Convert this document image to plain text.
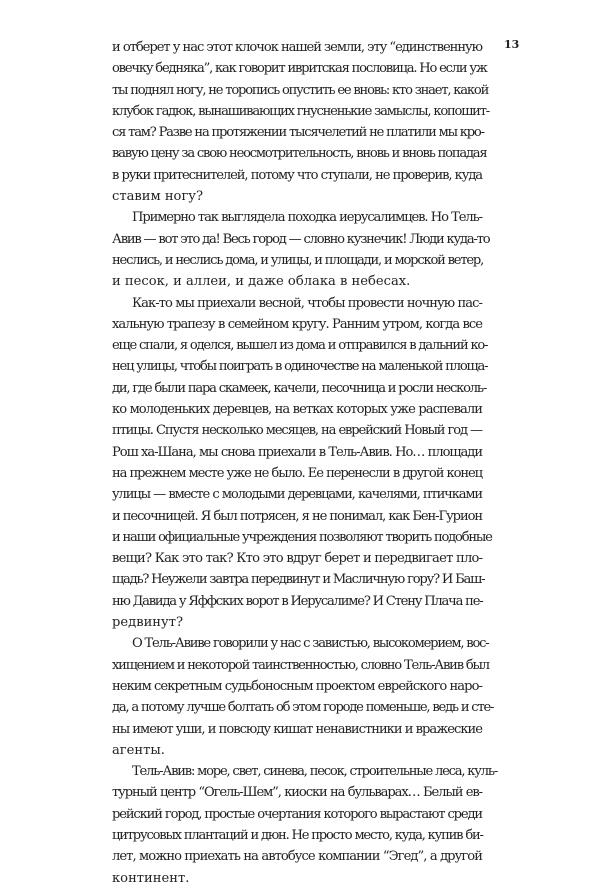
13
и отберет у нас этот клочок нашей земли, эту “единственную
овечку бедняка”, как говорит ивритская пословица. Но если уж
ты поднял ногу, не торопись опустить ее вновь: кто знает, какой
клубок гадюк, вынашивающих гнусненькие замыслы, копошит-
ся там? Разве на протяжении тысячелетий не платили мы кро-
вавую цену за свою неосмотрительность, вновь и вновь попадая
в руки притеснителей, потому что ступали, не проверив, куда
ставим ногу?
Примерно так выглядела походка иерусалимцев. Но Тель-
Авив — вот это да! Весь город — словно кузнечик! Люди куда-то
неслись, и неслись дома, и улицы, и площади, и морской ветер,
и песок, и аллеи, и даже облака в небесах.
Как-то мы приехали весной, чтобы провести ночную пас-
хальную трапезу в семейном кругу. Ранним утром, когда все
еще спали, я оделся, вышел из дома и отправился в дальний ко-
нец улицы, чтобы поиграть в одиночестве на маленькой площа-
ди, где были пара скамеек, качели, песочница и росли несколь-
ко молоденьких деревцев, на ветках которых уже распевали
птицы. Спустя несколько месяцев, на еврейский Новый год —
Рош ха-Шана, мы снова приехали в Тель-Авив. Но… площади
на прежнем месте уже не было. Ее перенесли в другой конец
улицы — вместе с молодыми деревцами, качелями, птичками
и песочницей. Я был потрясен, я не понимал, как Бен-Гурион
и наши официальные учреждения позволяют творить подобные
вещи? Как это так? Кто это вдруг берет и передвигает пло-
щадь? Неужели завтра передвинут и Масличную гору? И Баш-
ню Давида у Яффских ворот в Иерусалиме? И Стену Плача пе-
редвинут?
О Тель-Авиве говорили у нас с завистью, высокомерием, вос-
хищением и некоторой таинственностью, словно Тель-Авив был
неким секретным судьбоносным проектом еврейского наро-
да, а потому лучше болтать об этом городе поменьше, ведь и сте-
ны имеют уши, и повсюду кишат ненавистники и вражеские
агенты.
Тель-Авив: море, свет, синева, песок, строительные леса, куль-
турный центр “Огель-Шем”, киоски на бульварах… Белый ев-
рейский город, простые очертания которого вырастают среди
цитрусовых плантаций и дюн. Не просто место, куда, купив би-
лет, можно приехать на автобусе компании “Эгед”, а другой
континент.
